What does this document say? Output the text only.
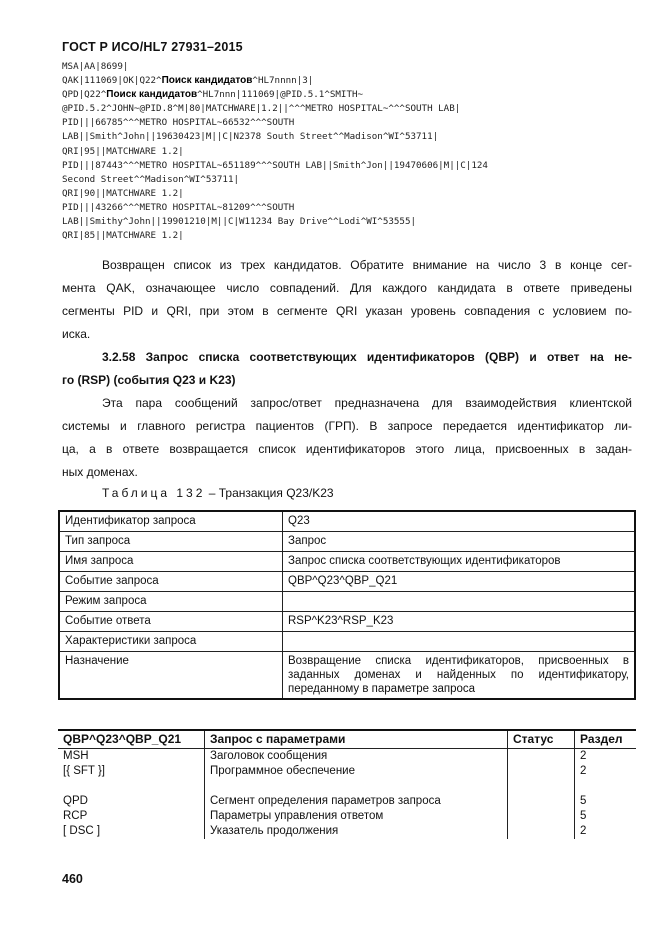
ГОСТ Р ИСО/HL7 27931–2015
MSA|AA|8699|
QAK|111069|OK|Q22^Поиск кандидатов^HL7nnnn|3|
QPD|Q22^Поиск кандидатов^HL7nnn|111069|@PID.5.1^SMITH~
@PID.5.2^JOHN~@PID.8^M|80|MATCHWARE|1.2||^^^METRO HOSPITAL~^^^SOUTH LAB|
PID|||66785^^^METRO HOSPITAL~66532^^^SOUTH
LAB||Smith^John||19630423|M||C|N2378 South Street^^Madison^WI^53711|
QRI|95||MATCHWARE 1.2|
PID|||87443^^^METRO HOSPITAL~651189^^^SOUTH LAB||Smith^Jon||19470606|M||C|124
Second Street^^Madison^WI^53711|
QRI|90||MATCHWARE 1.2|
PID|||43266^^^METRO HOSPITAL~81209^^^SOUTH
LAB||Smithy^John||19901210|M||C|W11234 Bay Drive^^Lodi^WI^53555|
QRI|85||MATCHWARE 1.2|
Возвращен список из трех кандидатов. Обратите внимание на число 3 в конце сег-
мента QAK, означающее число совпадений. Для каждого кандидата в ответе приведены
сегменты PID и QRI, при этом в сегменте QRI указан уровень совпадения с условием по-
иска.
3.2.58 Запрос списка соответствующих идентификаторов (QBP) и ответ на не-
го (RSP) (события Q23 и K23)
Эта пара сообщений запрос/ответ предназначена для взаимодействия клиентской
системы и главного регистра пациентов (ГРП). В запросе передается идентификатор ли-
ца, а в ответе возвращается список идентификаторов этого лица, присвоенных в задан-
ных доменах.
Таблица 132 – Транзакция Q23/K23
Идентификатор запроса	Q23
Тип запроса	Запрос
Имя запроса	Запрос списка соответствующих идентификаторов
Событие запроса	QBP^Q23^QBP_Q21
Режим запроса	
Событие ответа	RSP^K23^RSP_K23
Характеристики запроса	
Назначение	Возвращение списка идентификаторов, присвоенных в заданных доменах и найденных по идентификатору, переданному в параметре запроса
QBP^Q23^QBP_Q21	Запрос с параметрами	Статус	Раздел
MSH	Заголовок сообщения		2
[{ SFT }]	Программное обеспечение		2

QPD	Сегмент определения параметров запроса		5
RCP	Параметры управления ответом		5
[ DSC ]	Указатель продолжения		2
460
